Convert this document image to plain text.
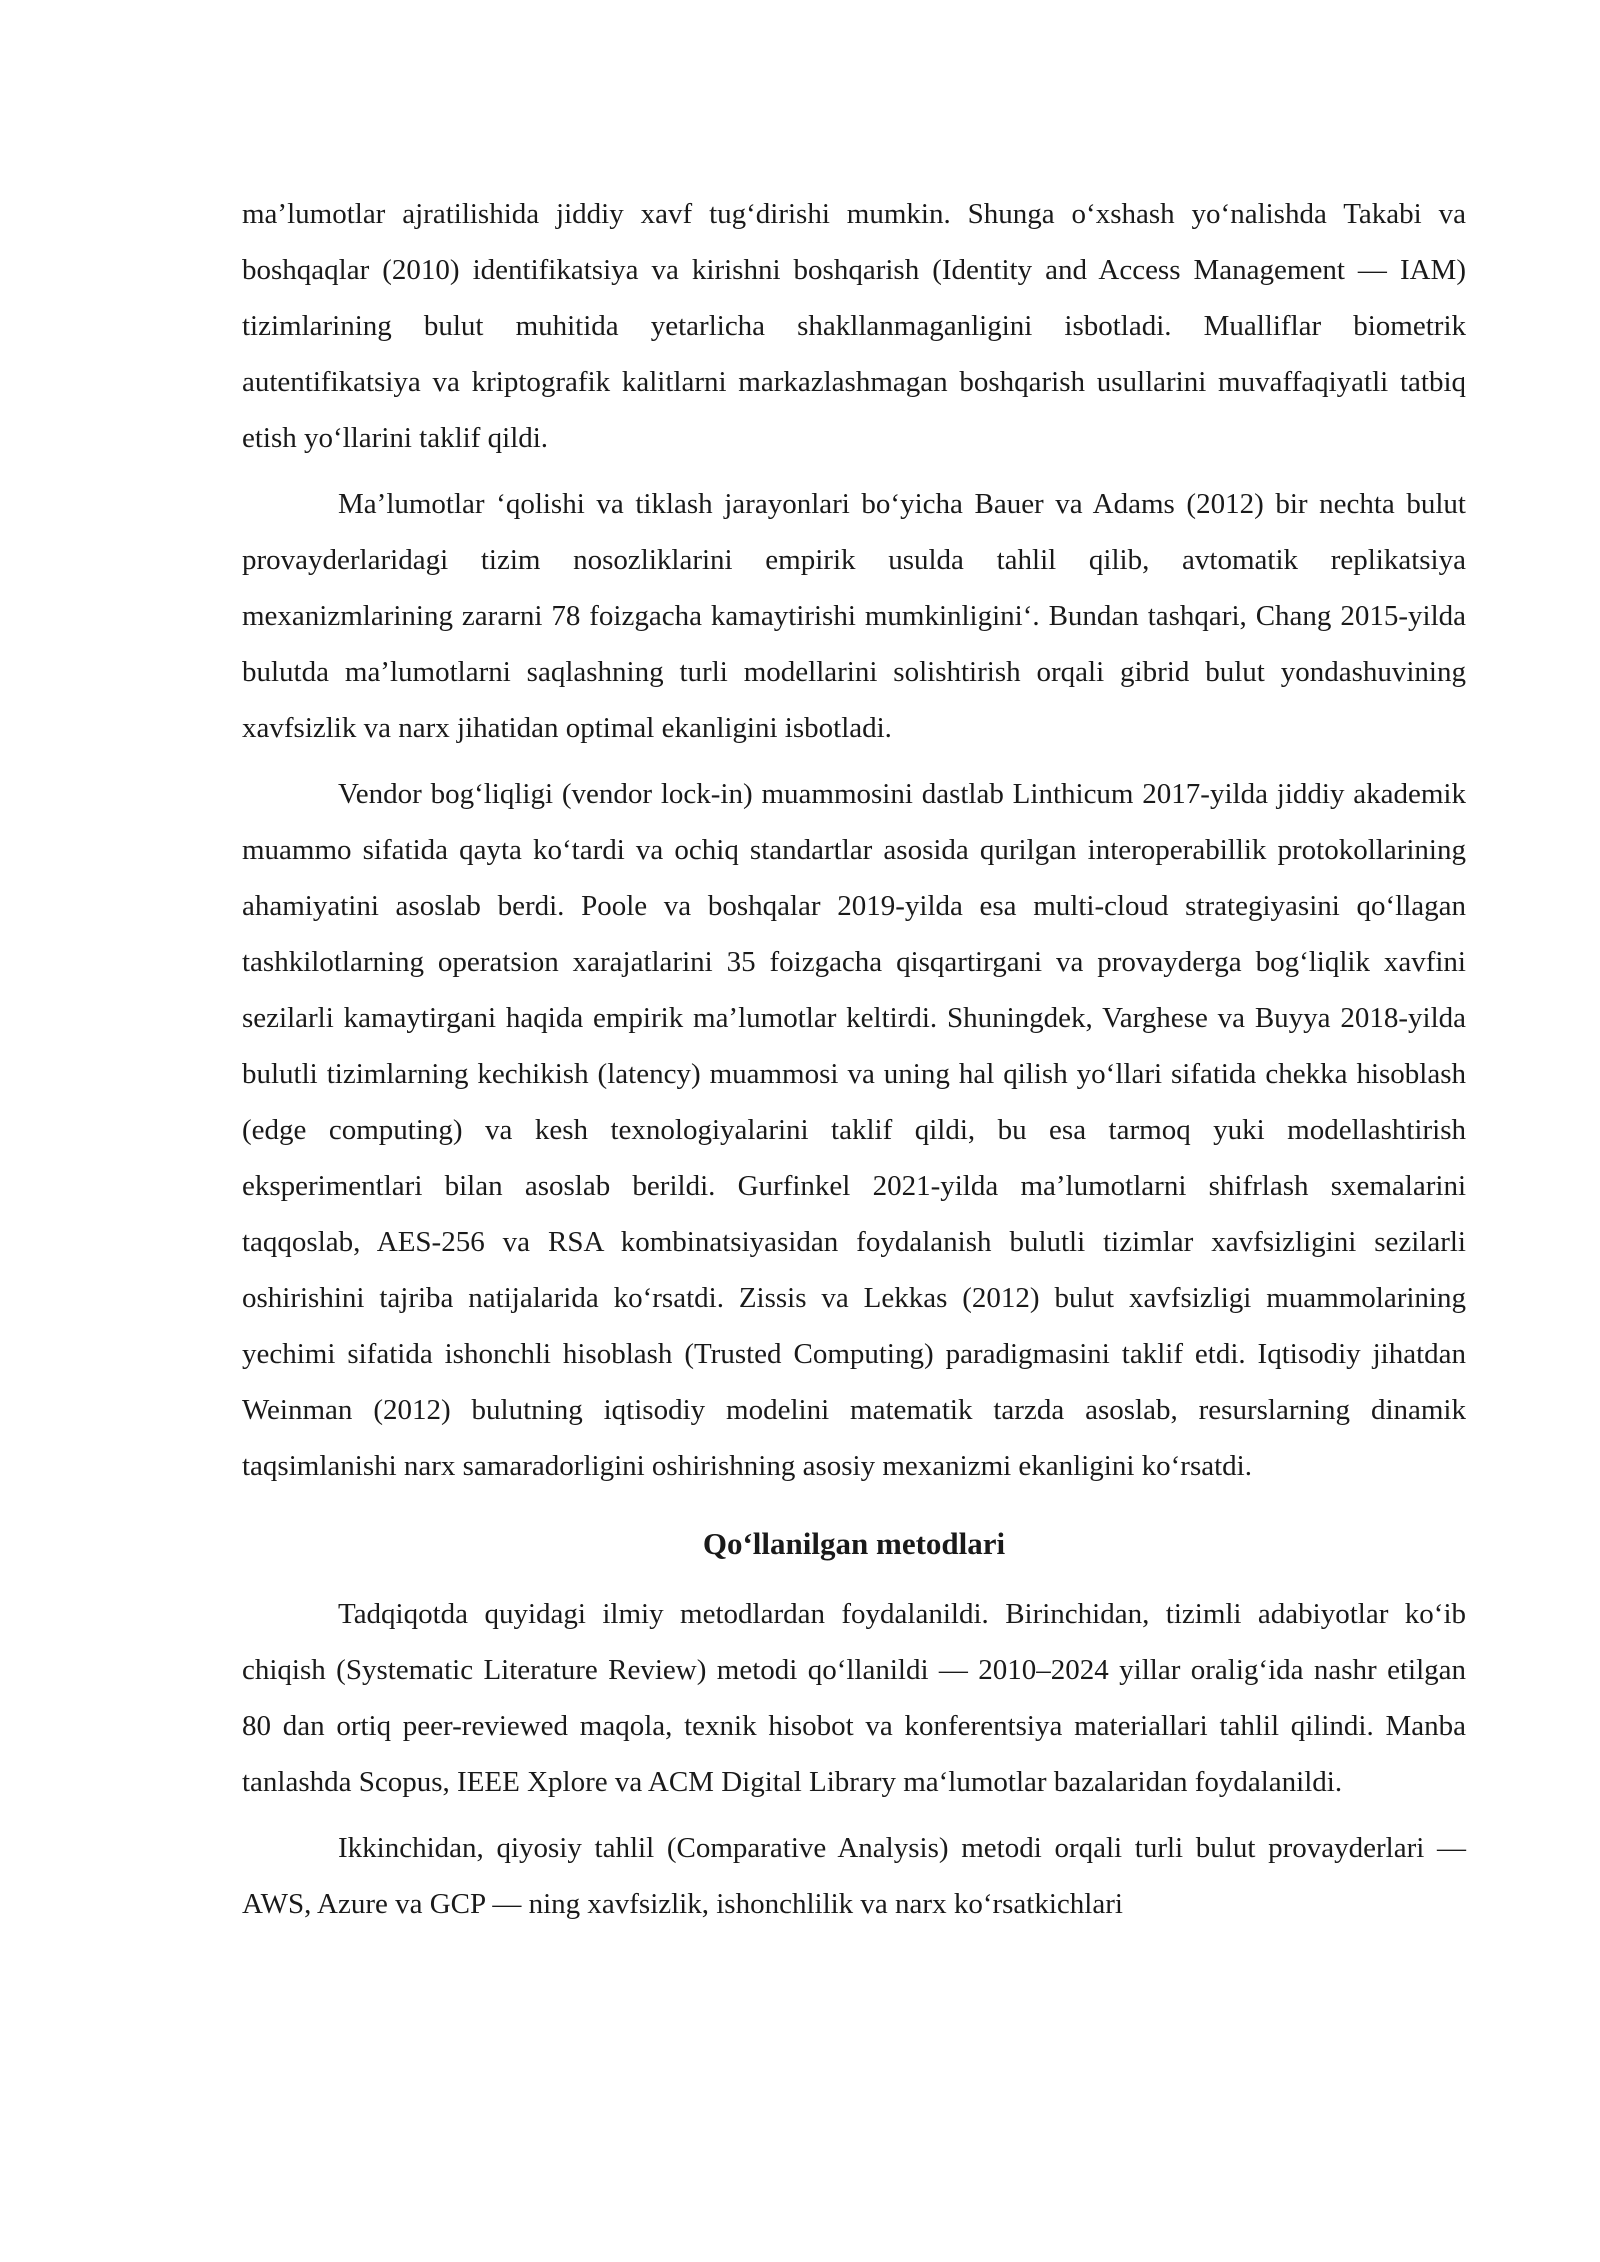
ma’lumotlar ajratilishida jiddiy xavf tug‘dirishi mumkin. Shunga o‘xshash yo‘nalishda Takabi va boshqaqlar (2010) identifikatsiya va kirishni boshqarish (Identity and Access Management — IAM) tizimlarining bulut muhitida yetarlicha shakllanmaganligini isbotladi. Mualliflar biometrik autentifikatsiya va kriptografik kalitlarni markazlashmagan boshqarish usullarini muvaffaqiyatli tatbiq etish yo‘llarini taklif qildi.

Ma’lumotlar ‘qolishi va tiklash jarayonlari bo‘yicha Bauer va Adams (2012) bir nechta bulut provayderlaridagi tizim nosozliklarini empirik usulda tahlil qilib, avtomatik replikatsiya mexanizmlarining zararni 78 foizgacha kamaytirishi mumkinligini‘. Bundan tashqari, Chang 2015-yilda bulutda ma’lumotlarni saqlashning turli modellarini solishtirish orqali gibrid bulut yondashuvining xavfsizlik va narx jihatidan optimal ekanligini isbotladi.

Vendor bog‘liqligi (vendor lock-in) muammosini dastlab Linthicum 2017-yilda jiddiy akademik muammo sifatida qayta ko‘tardi va ochiq standartlar asosida qurilgan interoperabillik protokollarining ahamiyatini asoslab berdi. Poole va boshqalar 2019-yilda esa multi-cloud strategiyasini qo‘llagan tashkilotlarning operatsion xarajatlarini 35 foizgacha qisqartirgani va provayderga bog‘liqlik xavfini sezilarli kamaytirgani haqida empirik ma’lumotlar keltirdi. Shuningdek, Varghese va Buyya 2018-yilda bulutli tizimlarning kechikish (latency) muammosi va uning hal qilish yo‘llari sifatida chekka hisoblash (edge computing) va kesh texnologiyalarini taklif qildi, bu esa tarmoq yuki modellashtirish eksperimentlari bilan asoslab berildi. Gurfinkel 2021-yilda ma’lumotlarni shifrlash sxemalarini taqqoslab, AES-256 va RSA kombinatsiyasidan foydalanish bulutli tizimlar xavfsizligini sezilarli oshirishini tajriba natijalarida ko‘rsatdi. Zissis va Lekkas (2012) bulut xavfsizligi muammolarining yechimi sifatida ishonchli hisoblash (Trusted Computing) paradigmasini taklif etdi. Iqtisodiy jihatdan Weinman (2012) bulutning iqtisodiy modelini matematik tarzda asoslab, resurslarning dinamik taqsimlanishi narx samaradorligini oshirishning asosiy mexanizmi ekanligini ko‘rsatdi.

Qo‘llanilgan metodlari

Tadqiqotda quyidagi ilmiy metodlardan foydalanildi. Birinchidan, tizimli adabiyotlar ko‘ib chiqish (Systematic Literature Review) metodi qo‘llanildi — 2010–2024 yillar oralig‘ida nashr etilgan 80 dan ortiq peer-reviewed maqola, texnik hisobot va konferentsiya materiallari tahlil qilindi. Manba tanlashda Scopus, IEEE Xplore va ACM Digital Library ma‘lumotlar bazalaridan foydalanildi.

Ikkinchidan, qiyosiy tahlil (Comparative Analysis) metodi orqali turli bulut provayderlari — AWS, Azure va GCP — ning xavfsizlik, ishonchlilik va narx ko‘rsatkichlari
